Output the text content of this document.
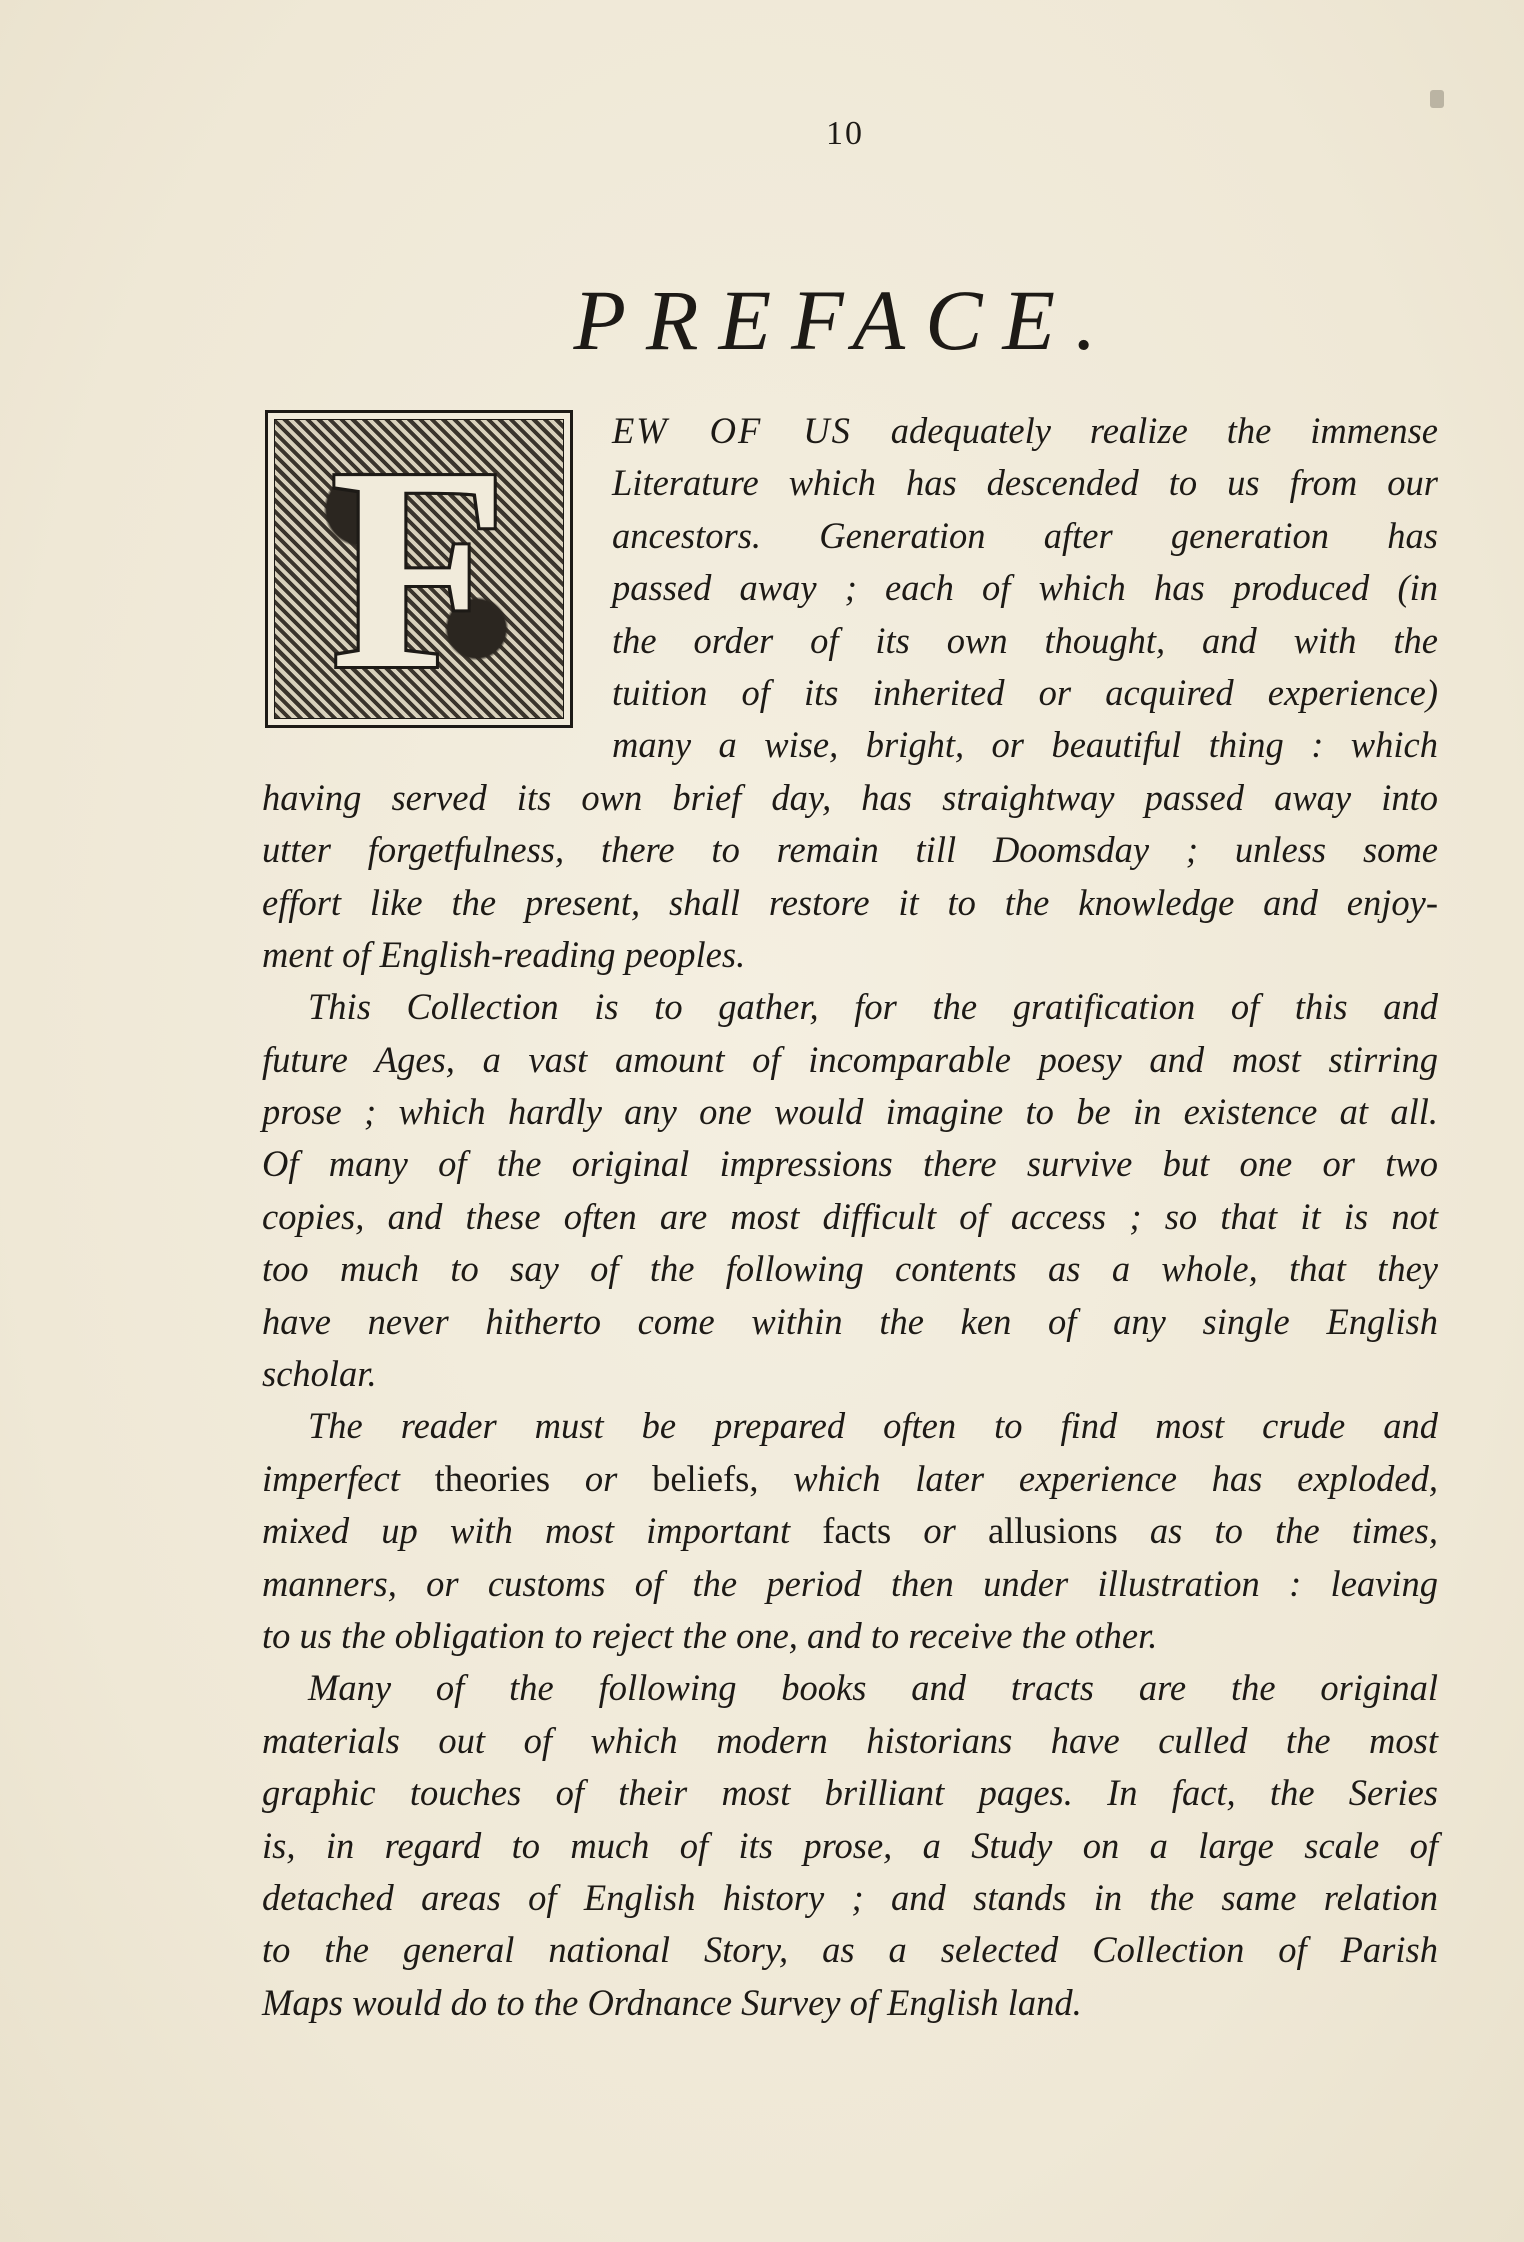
10
PREFACE.
F	EW OF US adequately realize the immense
Literature which has descended to us from our
ancestors. Generation after generation has
passed away ; each of which has produced (in
the order of its own thought, and with the
tuition of its inherited or acquired experience)
many a wise, bright, or beautiful thing : which
having served its own brief day, has straightway passed away into
utter forgetfulness, there to remain till Doomsday ; unless some
effort like the present, shall restore it to the knowledge and enjoy-
ment of English-reading peoples.
This Collection is to gather, for the gratification of this and
future Ages, a vast amount of incomparable poesy and most stirring
prose ; which hardly any one would imagine to be in existence at all.
Of many of the original impressions there survive but one or two
copies, and these often are most difficult of access ; so that it is not
too much to say of the following contents as a whole, that they
have never hitherto come within the ken of any single English
scholar.
The reader must be prepared often to find most crude and
imperfect theories or beliefs, which later experience has exploded,
mixed up with most important facts or allusions as to the times,
manners, or customs of the period then under illustration : leaving
to us the obligation to reject the one, and to receive the other.
Many of the following books and tracts are the original
materials out of which modern historians have culled the most
graphic touches of their most brilliant pages. In fact, the Series
is, in regard to much of its prose, a Study on a large scale of
detached areas of English history ; and stands in the same relation
to the general national Story, as a selected Collection of Parish
Maps would do to the Ordnance Survey of English land.
